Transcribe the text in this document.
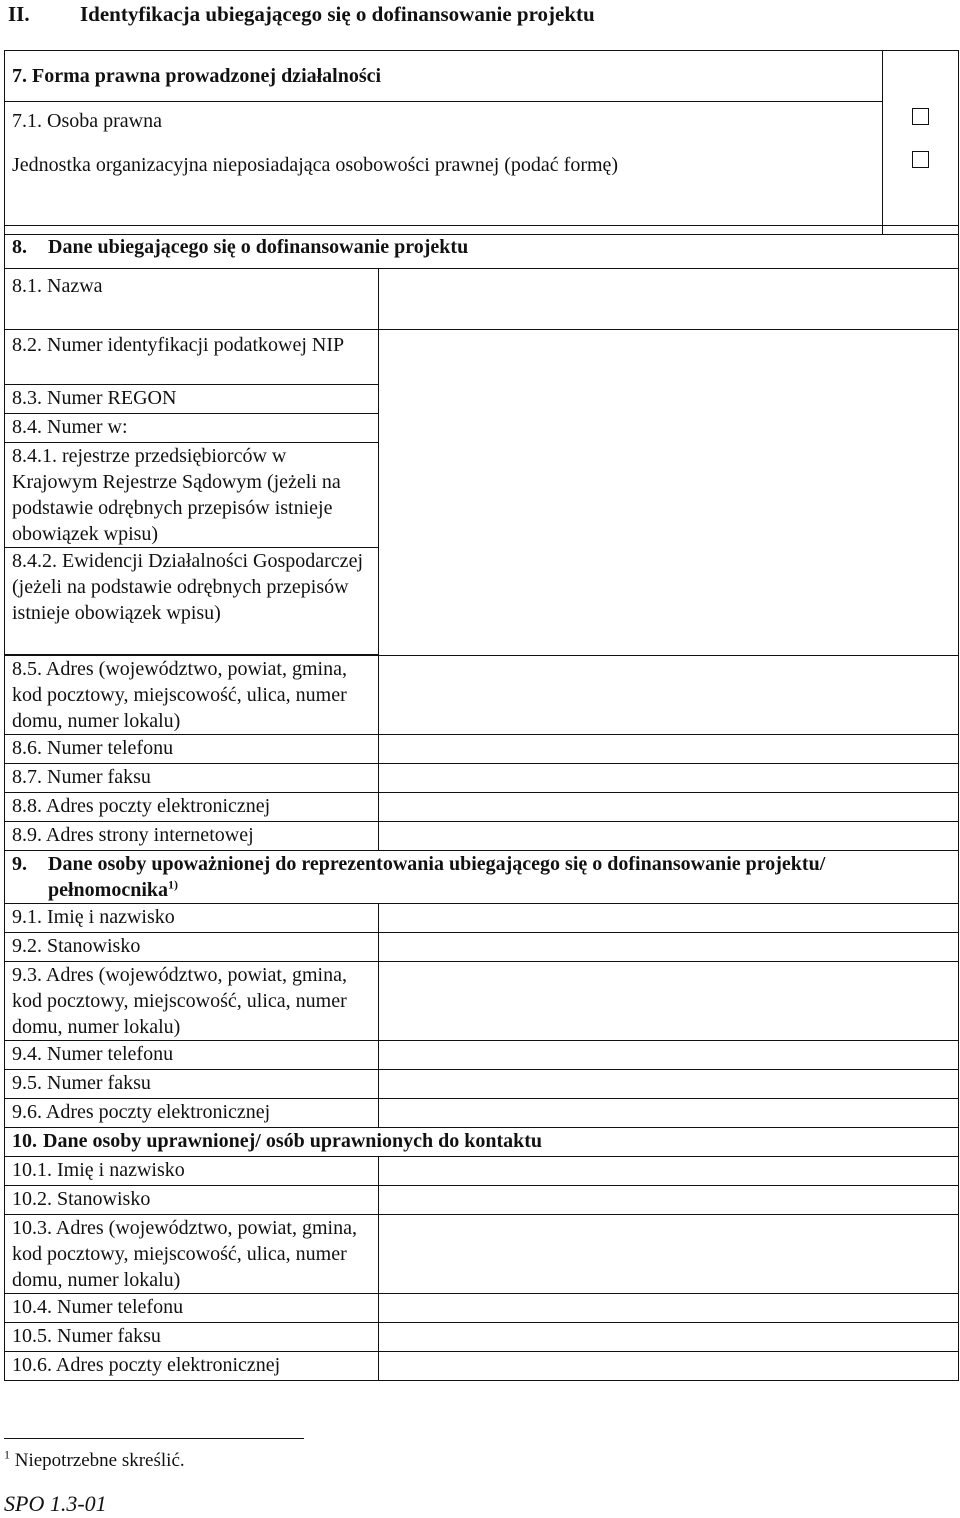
II.	Identyfikacja ubiegającego się o dofinansowanie projektu
7. Forma prawna prowadzonej działalności	

7.1. Osoba prawna
Jednostka organizacyjna nieposiadająca osobowości prawnej (podać formę)
8. Dane ubiegającego się o dofinansowanie projektu	

8.1. Nazwa	
8.2. Numer identyfikacji podatkowej NIP	
8.3. Numer REGON	
8.4. Numer w:	
8.4.1. rejestrze przedsiębiorców w Krajowym Rejestrze Sądowym (jeżeli na podstawie odrębnych przepisów istnieje obowiązek wpisu)	
8.4.2. Ewidencji Działalności Gospodarczej (jeżeli na podstawie odrębnych przepisów istnieje obowiązek wpisu)	

8.5. Adres (województwo, powiat, gmina, kod pocztowy, miejscowość, ulica, numer domu, numer lokalu)	
8.6. Numer telefonu	
8.7. Numer faksu	
8.8. Adres poczty elektronicznej	
8.9. Adres strony internetowej	

9. Dane osoby upoważnionej do reprezentowania ubiegającego się o dofinansowanie projektu/ pełnomocnika$^{1)}$

9.1. Imię i nazwisko	
9.2. Stanowisko	
9.3. Adres (województwo, powiat, gmina, kod pocztowy, miejscowość, ulica, numer domu, numer lokalu)	
9.4. Numer telefonu	
9.5. Numer faksu	
9.6. Adres poczty elektronicznej	

10. Dane osoby uprawnionej/ osób uprawnionych do kontaktu	

10.1. Imię i nazwisko	
10.2. Stanowisko	
10.3. Adres (województwo, powiat, gmina, kod pocztowy, miejscowość, ulica, numer domu, numer lokalu)	
10.4. Numer telefonu	
10.5. Numer faksu	
10.6. Adres poczty elektronicznej	
$^1$ Niepotrzebne skreślić.
SPO 1.3-01
